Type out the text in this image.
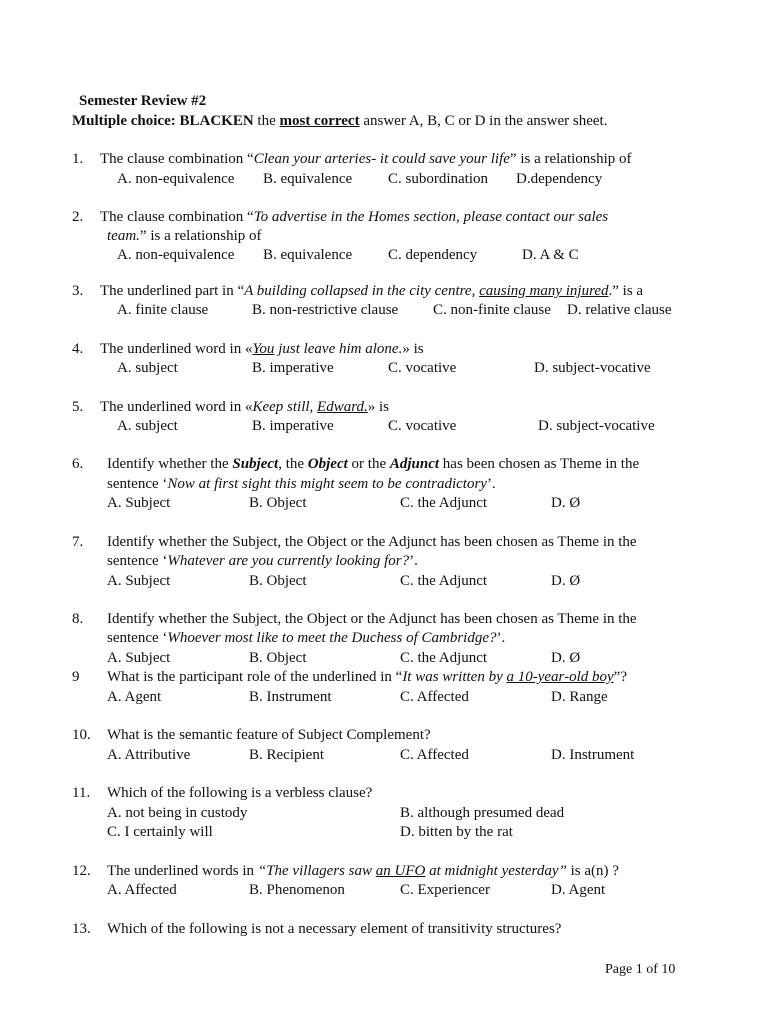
Semester Review #2
Multiple choice: BLACKEN the most correct answer A, B, C or D in the answer sheet.
1. The clause combination “Clean your arteries- it could save your life” is a relationship of
A. non-equivalence B. equivalence C. subordination D.dependency
2. The clause combination “To advertise in the Homes section, please contact our sales
team.” is a relationship of
A. non-equivalence B. equivalence C. dependency	D. A & C
3. The underlined part in “A building collapsed in the city centre, causing many injured.” is a
A. finite clause	B. non-restrictive clause C. non-finite clause D. relative clause
4. The underlined word in «You just leave him alone.» is
A. subject	B. imperative	C. vocative	D. subject-vocative
5. The underlined word in «Keep still, Edward.» is
A. subject	B. imperative	C. vocative	D. subject-vocative
6. Identify whether the Subject, the Object or the Adjunct has been chosen as Theme in the
sentence ‘Now at first sight this might seem to be contradictory’.
A. Subject	B. Object	C. the Adjunct	D. Ø
7. Identify whether the Subject, the Object or the Adjunct has been chosen as Theme in the
sentence ‘Whatever are you currently looking for?’.
A. Subject	B. Object	C. the Adjunct	D. Ø
8. Identify whether the Subject, the Object or the Adjunct has been chosen as Theme in the
sentence ‘Whoever most like to meet the Duchess of Cambridge?’.
A. Subject	B. Object	C. the Adjunct	D. Ø
9 What is the participant role of the underlined in “It was written by a 10-year-old boy”?
A. Agent	B. Instrument	C. Affected	D. Range
10. What is the semantic feature of Subject Complement?
A. Attributive	B. Recipient	C. Affected	D. Instrument
11. Which of the following is a verbless clause?
A. not being in custody	B. although presumed dead
C. I certainly will	D. bitten by the rat
12. The underlined words in “The villagers saw an UFO at midnight yesterday” is a(n) ?
A. Affected	B. Phenomenon	C. Experiencer	D. Agent
13. Which of the following is not a necessary element of transitivity structures?
Page 1 of 10
